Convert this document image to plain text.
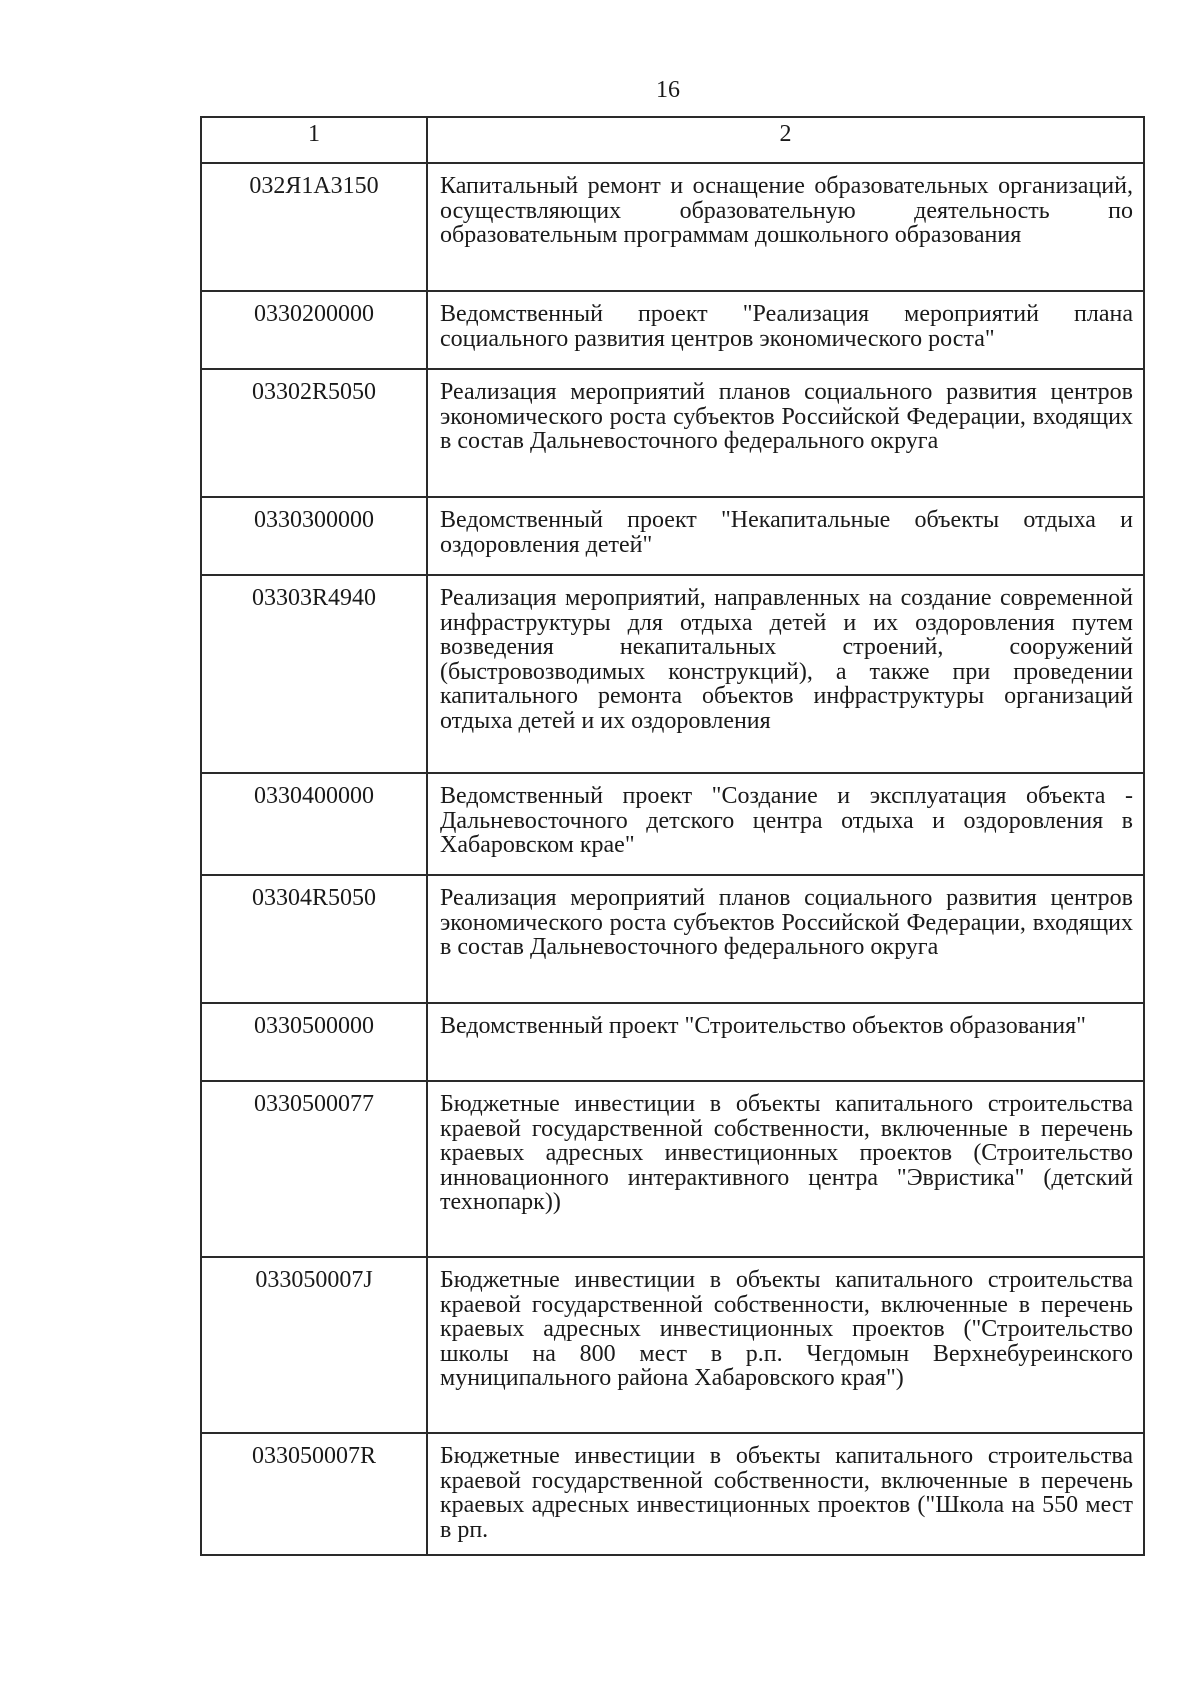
16
1	2
032Я1А3150	Капитальный ремонт и оснащение образовательных организаций, осуществляющих образовательную деятельность по образовательным программам дошкольного образования
0330200000	Ведомственный проект "Реализация мероприятий плана социального развития центров экономического роста"
03302R5050	Реализация мероприятий планов социального развития центров экономического роста субъектов Российской Федерации, входящих в состав Дальневосточного федерального округа
0330300000	Ведомственный проект "Некапитальные объекты отдыха и оздоровления детей"
03303R4940	Реализация мероприятий, направленных на создание современной инфраструктуры для отдыха детей и их оздоровления путем возведения некапитальных строений, сооружений (быстровозводимых конструкций), а также при проведении капитального ремонта объектов инфраструктуры организаций отдыха детей и их оздоровления
0330400000	Ведомственный проект "Создание и эксплуатация объекта - Дальневосточного детского центра отдыха и оздоровления в Хабаровском крае"
03304R5050	Реализация мероприятий планов социального развития центров экономического роста субъектов Российской Федерации, входящих в состав Дальневосточного федерального округа
0330500000	Ведомственный проект "Строительство объектов образования"
0330500077	Бюджетные инвестиции в объекты капитального строительства краевой государственной собственности, включенные в перечень краевых адресных инвестиционных проектов (Строительство инновационного интерактивного центра "Эвристика" (детский технопарк))
033050007J	Бюджетные инвестиции в объекты капитального строительства краевой государственной собственности, включенные в перечень краевых адресных инвестиционных проектов ("Строительство школы на 800 мест в р.п. Чегдомын Верхнебуреинского муниципального района Хабаровского края")
033050007R	Бюджетные инвестиции в объекты капитального строительства краевой государственной собственности, включенные в перечень краевых адресных инвестиционных проектов ("Школа на 550 мест в рп.
